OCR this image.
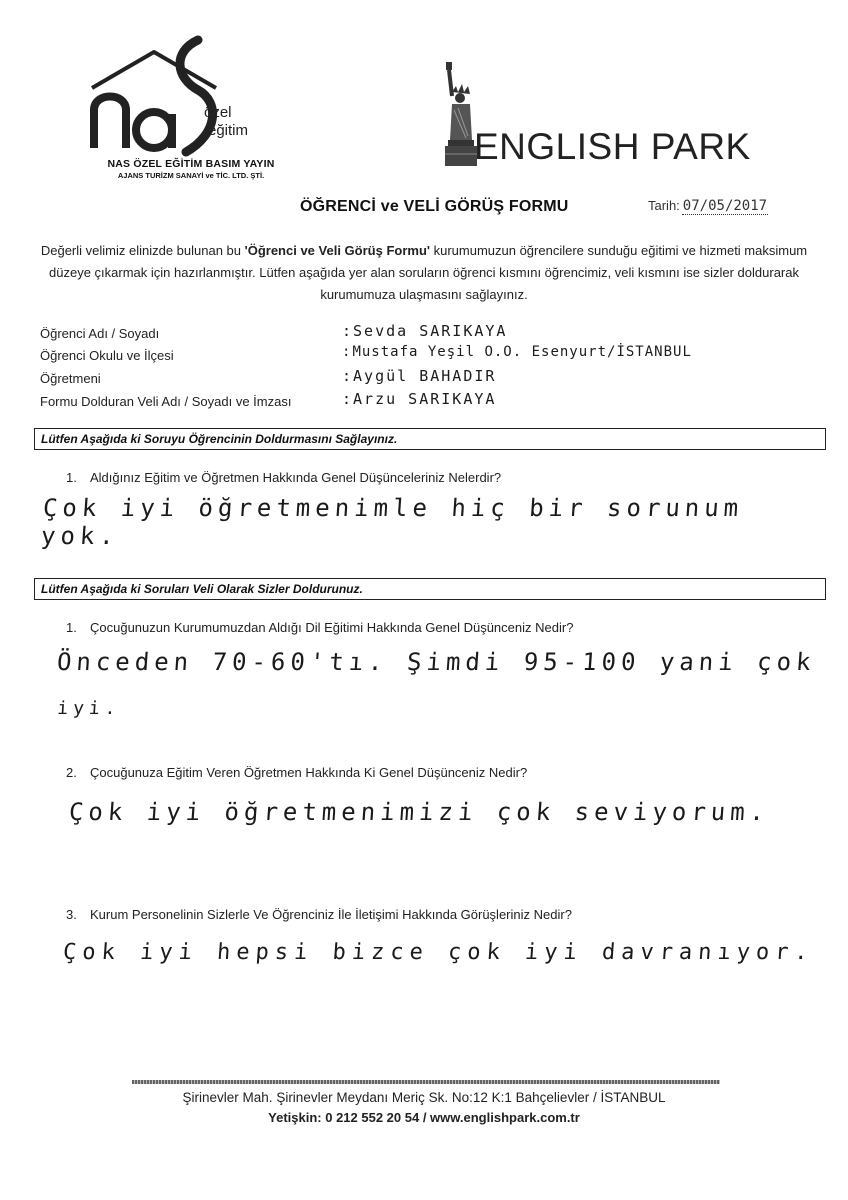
özel
eğitim
NAS ÖZEL EĞİTİM BASIM YAYIN
AJANS TURİZM SANAYİ ve TİC. LTD. ŞTİ.
ENGLISH PARK
ÖĞRENCİ ve VELİ GÖRÜŞ FORMU	Tarih: 07/05/2017
Değerli velimiz elinizde bulunan bu 'Öğrenci ve Veli Görüş Formu' kurumumuzun öğrencilere sunduğu eğitimi ve hizmeti maksimum düzeye çıkarmak için hazırlanmıştır. Lütfen aşağıda yer alan soruların öğrenci kısmını öğrencimiz, veli kısmını ise sizler doldurarak kurumumuza ulaşmasını sağlayınız.
Öğrenci Adı / Soyadı	: Sevda SARIKAYA
Öğrenci Okulu ve İlçesi	: Mustafa Yeşil O.O. Esenyurt/İSTANBUL
Öğretmeni	: Aygül BAHADIR
Formu Dolduran Veli Adı / Soyadı ve İmzası	: Arzu SARIKAYA
Lütfen Aşağıda ki Soruyu Öğrencinin Doldurmasını Sağlayınız.
1. Aldığınız Eğitim ve Öğretmen Hakkında Genel Düşünceleriniz Nelerdir?
Çok iyi öğretmenimle hiç bir sorunum yok.
Lütfen Aşağıda ki Soruları Veli Olarak Sizler Doldurunuz.
1. Çocuğunuzun Kurumumuzdan Aldığı Dil Eğitimi Hakkında Genel Düşünceniz Nedir?
Önceden 70-60'tı. Şimdi 95-100 yani çok
iyi.
2. Çocuğunuza Eğitim Veren Öğretmen Hakkında Ki Genel Düşünceniz Nedir?
Çok iyi öğretmenimizi çok seviyorum.
3. Kurum Personelinin Sizlerle Ve Öğrenciniz İle İletişimi Hakkında Görüşleriniz Nedir?
Çok iyi hepsi bizce çok iyi davranıyor.
Şirinevler Mah. Şirinevler Meydanı Meriç Sk. No:12 K:1 Bahçelievler / İSTANBUL
Yetişkin: 0 212 552 20 54 / www.englishpark.com.tr
